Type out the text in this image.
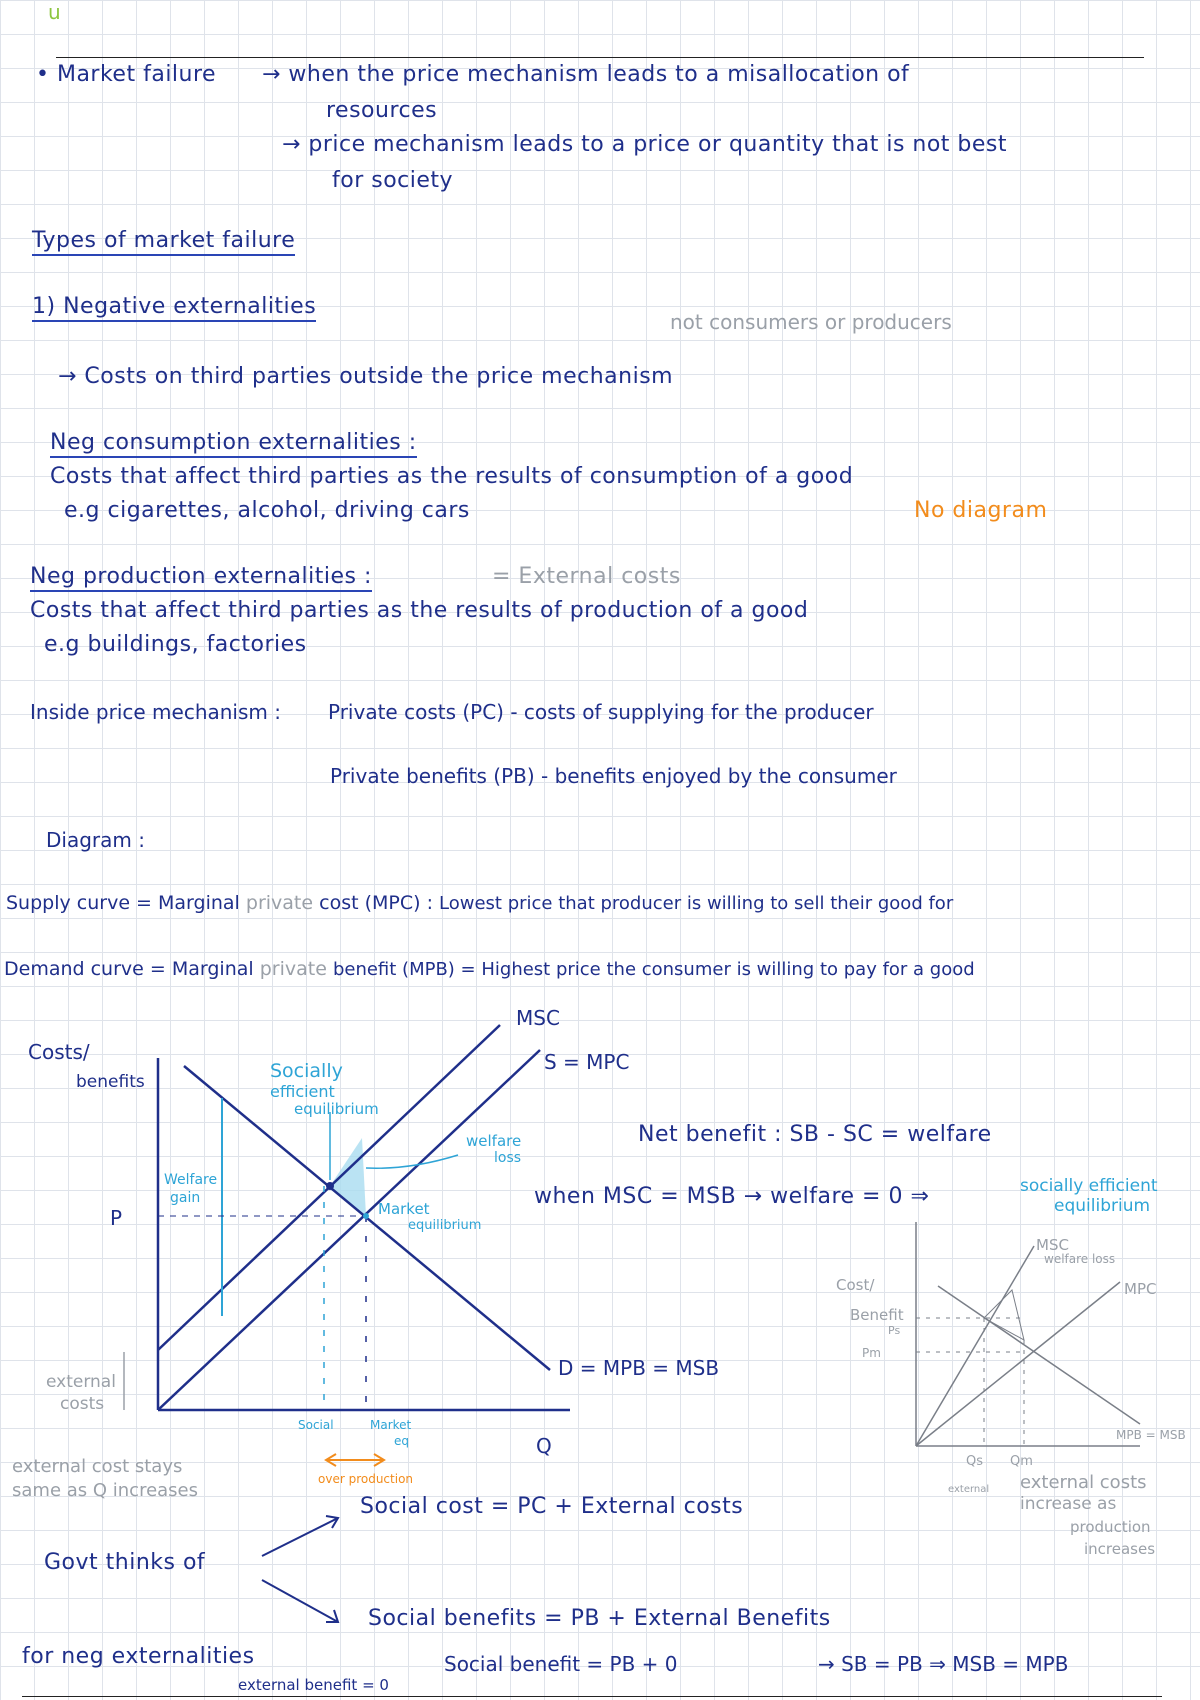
u
• Market failure → when the price mechanism leads to a misallocation of
resources
→ price mechanism leads to a price or quantity that is not best
for society
Types of market failure
1) Negative externalities
not consumers or producers
→ Costs on third parties outside the price mechanism
Neg consumption externalities :
Costs that affect third parties as the results of consumption of a good
e.g cigarettes, alcohol, driving cars	No diagram
Neg production externalities :	= External costs
Costs that affect third parties as the results of production of a good
e.g buildings, factories
Inside price mechanism : Private costs (PC) - costs of supplying for the producer
Private benefits (PB) - benefits enjoyed by the consumer
Diagram :
Supply curve = Marginal private cost (MPC) : Lowest price that producer is willing to sell their good for
Demand curve = Marginal private benefit (MPB) = Highest price the consumer is willing to pay for a good
Costs/
benefits
P
Q
MSC
S = MPC
D = MPB = MSB
Socially
efficient
equilibrium
Welfare
gain
welfare
loss
Market
equilibrium
Social	Market
eq
over production
external
costs
external cost stays
same as Q increases
Net benefit : SB - SC = welfare
when MSC = MSB → welfare = 0 ⇒	socially efficient
equilibrium
MSC
welfare loss
MPC
Cost/
Benefit
Ps
Pm
MPB = MSB
Qs Qm
external external costs
increase as
production
increases
Social cost = PC + External costs
Govt thinks of
Social benefits = PB + External Benefits
for neg externalities	Social benefit = PB + 0	→ SB = PB ⇒ MSB = MPB
external benefit = 0
